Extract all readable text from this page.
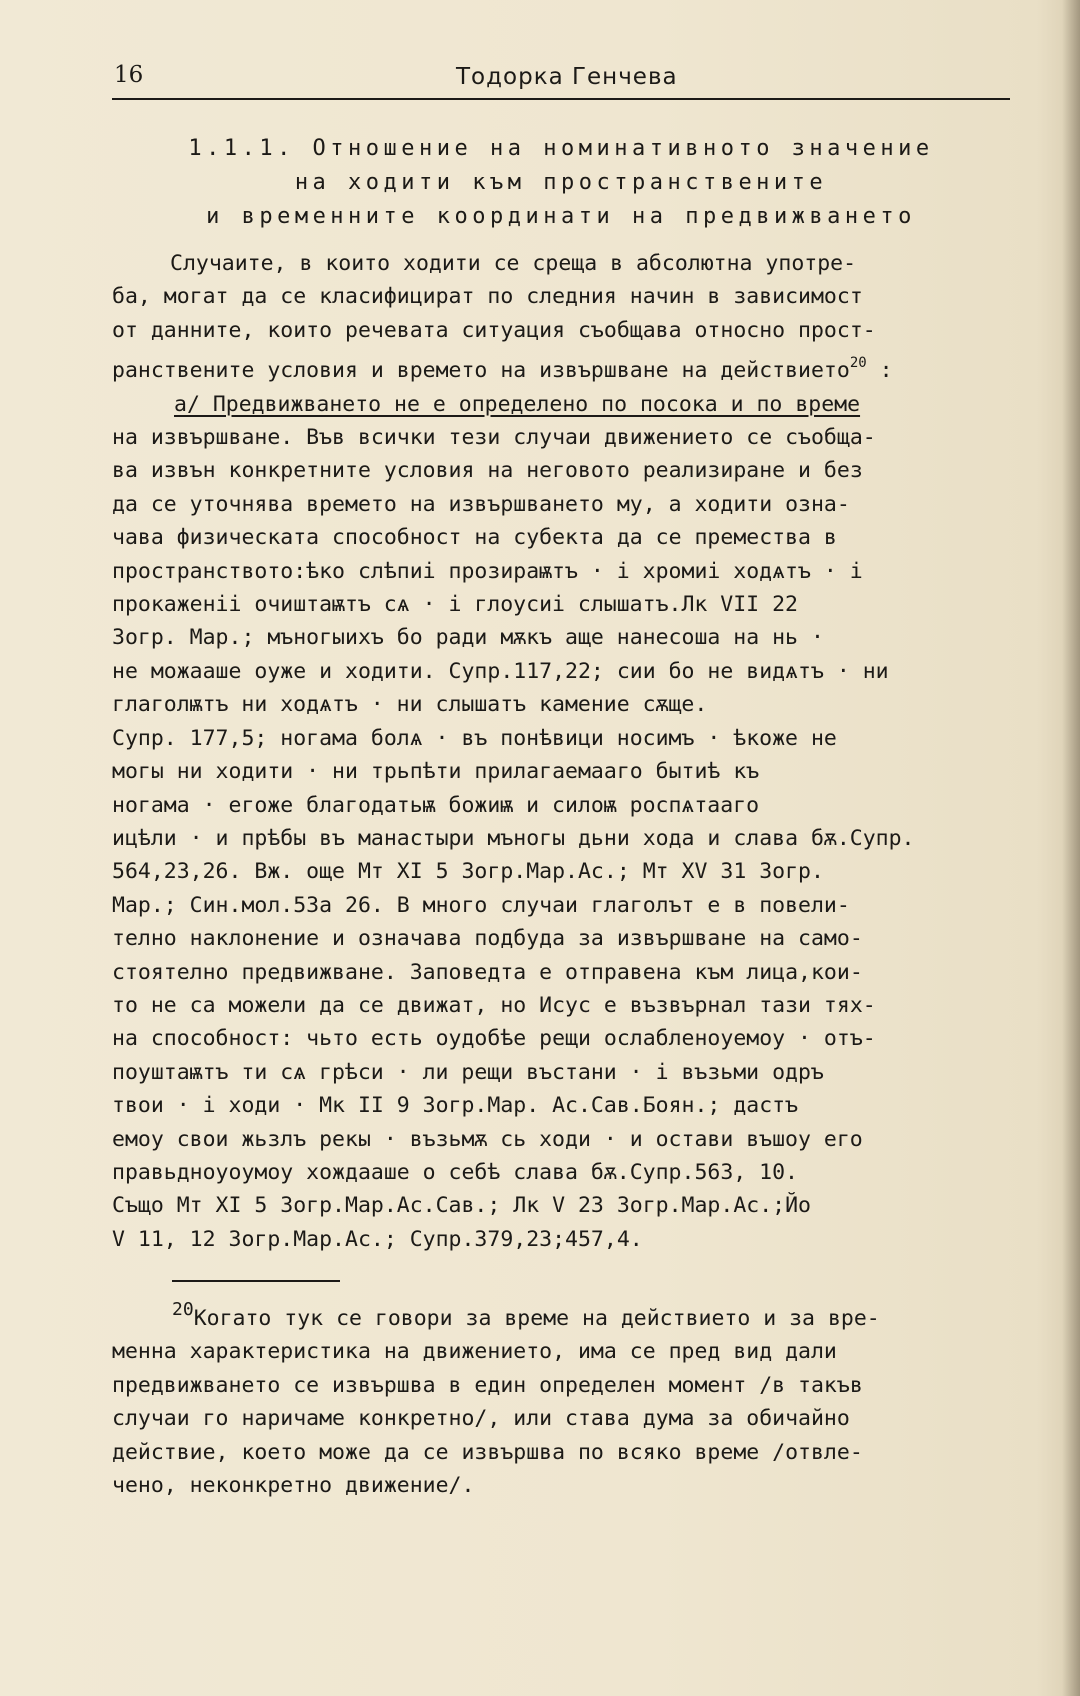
16	Тодорка Генчева
1.1.1. Отношение на номинативното значение
на ходити към пространствените
и временните координати на предвижването
Случаите, в които ходити се среща в абсолютна употре-
ба, могат да се класифицират по следния начин в зависимост
от данните, които речевата ситуация съобщава относно прост-
ранствените условия и времето на извършване на действието$^{20}$ :
а/ Предвижването не е определено по посока и по време
на извършване. Във всички тези случаи движението се съобща-
ва извън конкретните условия на неговото реализиране и без
да се уточнява времето на извършването му, а ходити озна-
чава физическата способност на субекта да се премества в
пространството:ѣко слѣпиі прозираѭтъ · і хромиі ходѧтъ · і
прокаженіі очиштаѭтъ сѧ · і глоусиі слышатъ.Лк VII 22
Зогр. Мар.; мъногыихъ бо ради мѫкъ аще нанесоша на нь ·
не можааше оуже и ходити. Супр.117,22; сии бо не видѧтъ · ни
глаголѭтъ ни ходѧтъ · ни слышатъ камение сѫще.
Супр. 177,5; ногама болѧ · въ понѣвици носимъ · ѣкоже не
могы ни ходити · ни трьпѣти прилагаемааго бытиѣ къ
ногама · егоже благодатьѭ божиѭ и силоѭ роспѧтааго
ицѣли · и прѣбы въ манастыри мъногы дьни хода и слава бѫ.Супр.
564,23,26. Вж. още Мт XI 5 Зогр.Мар.Ас.; Мт XV 31 Зогр.
Мар.; Син.мол.53а 26. В много случаи глаголът е в повели-
телно наклонение и означава подбуда за извършване на само-
стоятелно предвижване. Заповедта е отправена към лица,кои-
то не са можели да се движат, но Исус е възвърнал тази тях-
на способност: чьто есть оудобѣе рещи ослабленоуемоу · отъ-
поуштаѭтъ ти сѧ грѣси · ли рещи въстани · і възьми одръ
твои · і ходи · Мк II 9 Зогр.Мар. Ас.Сав.Боян.; дастъ
емоу свои жьзлъ рекы · възьмѫ сь ходи · и остави въшоу его
правьдноуоумоу хождааше о себѣ слава бѫ.Супр.563, 10.
Също Мт XI 5 Зогр.Мар.Ас.Сав.; Лк V 23 Зогр.Мар.Ас.;Йо
V 11, 12 Зогр.Мар.Ас.; Супр.379,23;457,4.
$^{20}$Когато тук се говори за време на действието и за вре-
менна характеристика на движението, има се пред вид дали
предвижването се извършва в един определен момент /в такъв
случаи го наричаме конкретно/, или става дума за обичайно
действие, което може да се извършва по всяко време /отвле-
чено, неконкретно движение/.
